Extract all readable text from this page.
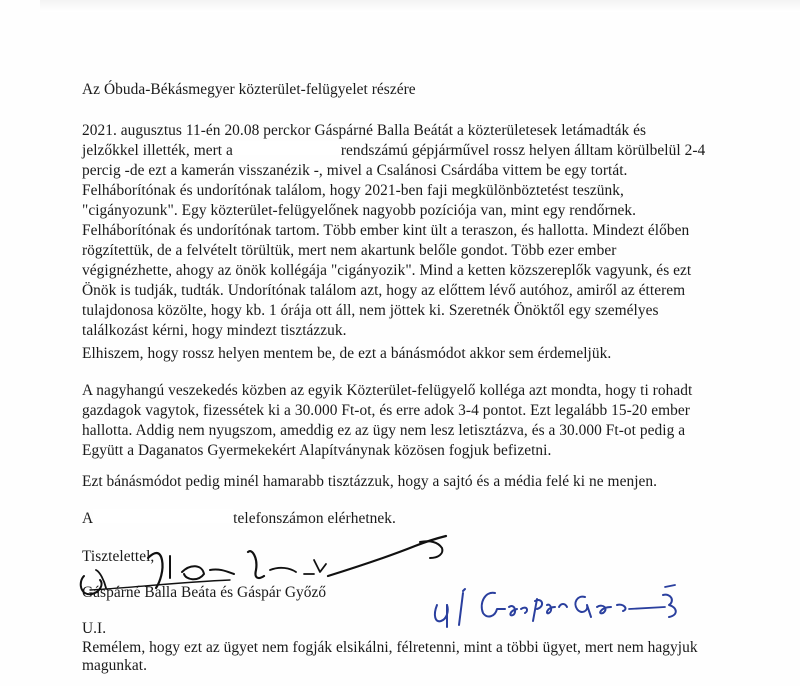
Az Óbuda-Békásmegyer közterület-felügyelet részére
2021. augusztus 11-én 20.08 perckor Gáspárné Balla Beátát a közterületesek letámadták és
jelzőkkel illették, mert a	rendszámú gépjárművel rossz helyen álltam körülbelül 2-4
percig -de ezt a kamerán visszanézik -, mivel a Csalánosi Csárdába vittem be egy tortát.
Felháborítónak és undorítónak találom, hogy 2021-ben faji megkülönböztetést teszünk,
"cigányozunk". Egy közterület-felügyelőnek nagyobb pozíciója van, mint egy rendőrnek.
Felháborítónak és undorítónak tartom. Több ember kint ült a teraszon, és hallotta. Mindezt élőben
rögzítettük, de a felvételt törültük, mert nem akartunk belőle gondot. Több ezer ember
végignézhette, ahogy az önök kollégája "cigányozik". Mind a ketten közszereplők vagyunk, és ezt
Önök is tudják, tudták. Undorítónak találom azt, hogy az előttem lévő autóhoz, amiről az étterem
tulajdonosa közölte, hogy kb. 1 órája ott áll, nem jöttek ki. Szeretnék Önöktől egy személyes
találkozást kérni, hogy mindezt tisztázzuk.
Elhiszem, hogy rossz helyen mentem be, de ezt a bánásmódot akkor sem érdemeljük.
A nagyhangú veszekedés közben az egyik Közterület-felügyelő kolléga azt mondta, hogy ti rohadt
gazdagok vagytok, fizessétek ki a 30.000 Ft-ot, és erre adok 3-4 pontot. Ezt legalább 15-20 ember
hallotta. Addig nem nyugszom, ameddig ez az ügy nem lesz letisztázva, és a 30.000 Ft-ot pedig a
Együtt a Daganatos Gyermekekért Alapítványnak közösen fogjuk befizetni.
Ezt bánásmódot pedig minél hamarabb tisztázzuk, hogy a sajtó és a média felé ki ne menjen.
A	telefonszámon elérhetnek.
Tisztelettel,
Gáspárné Balla Beáta és Gáspár Győző
U.I.
Remélem, hogy ezt az ügyet nem fogják elsikálni, félretenni, mint a többi ügyet, mert nem hagyjuk
magunkat.
